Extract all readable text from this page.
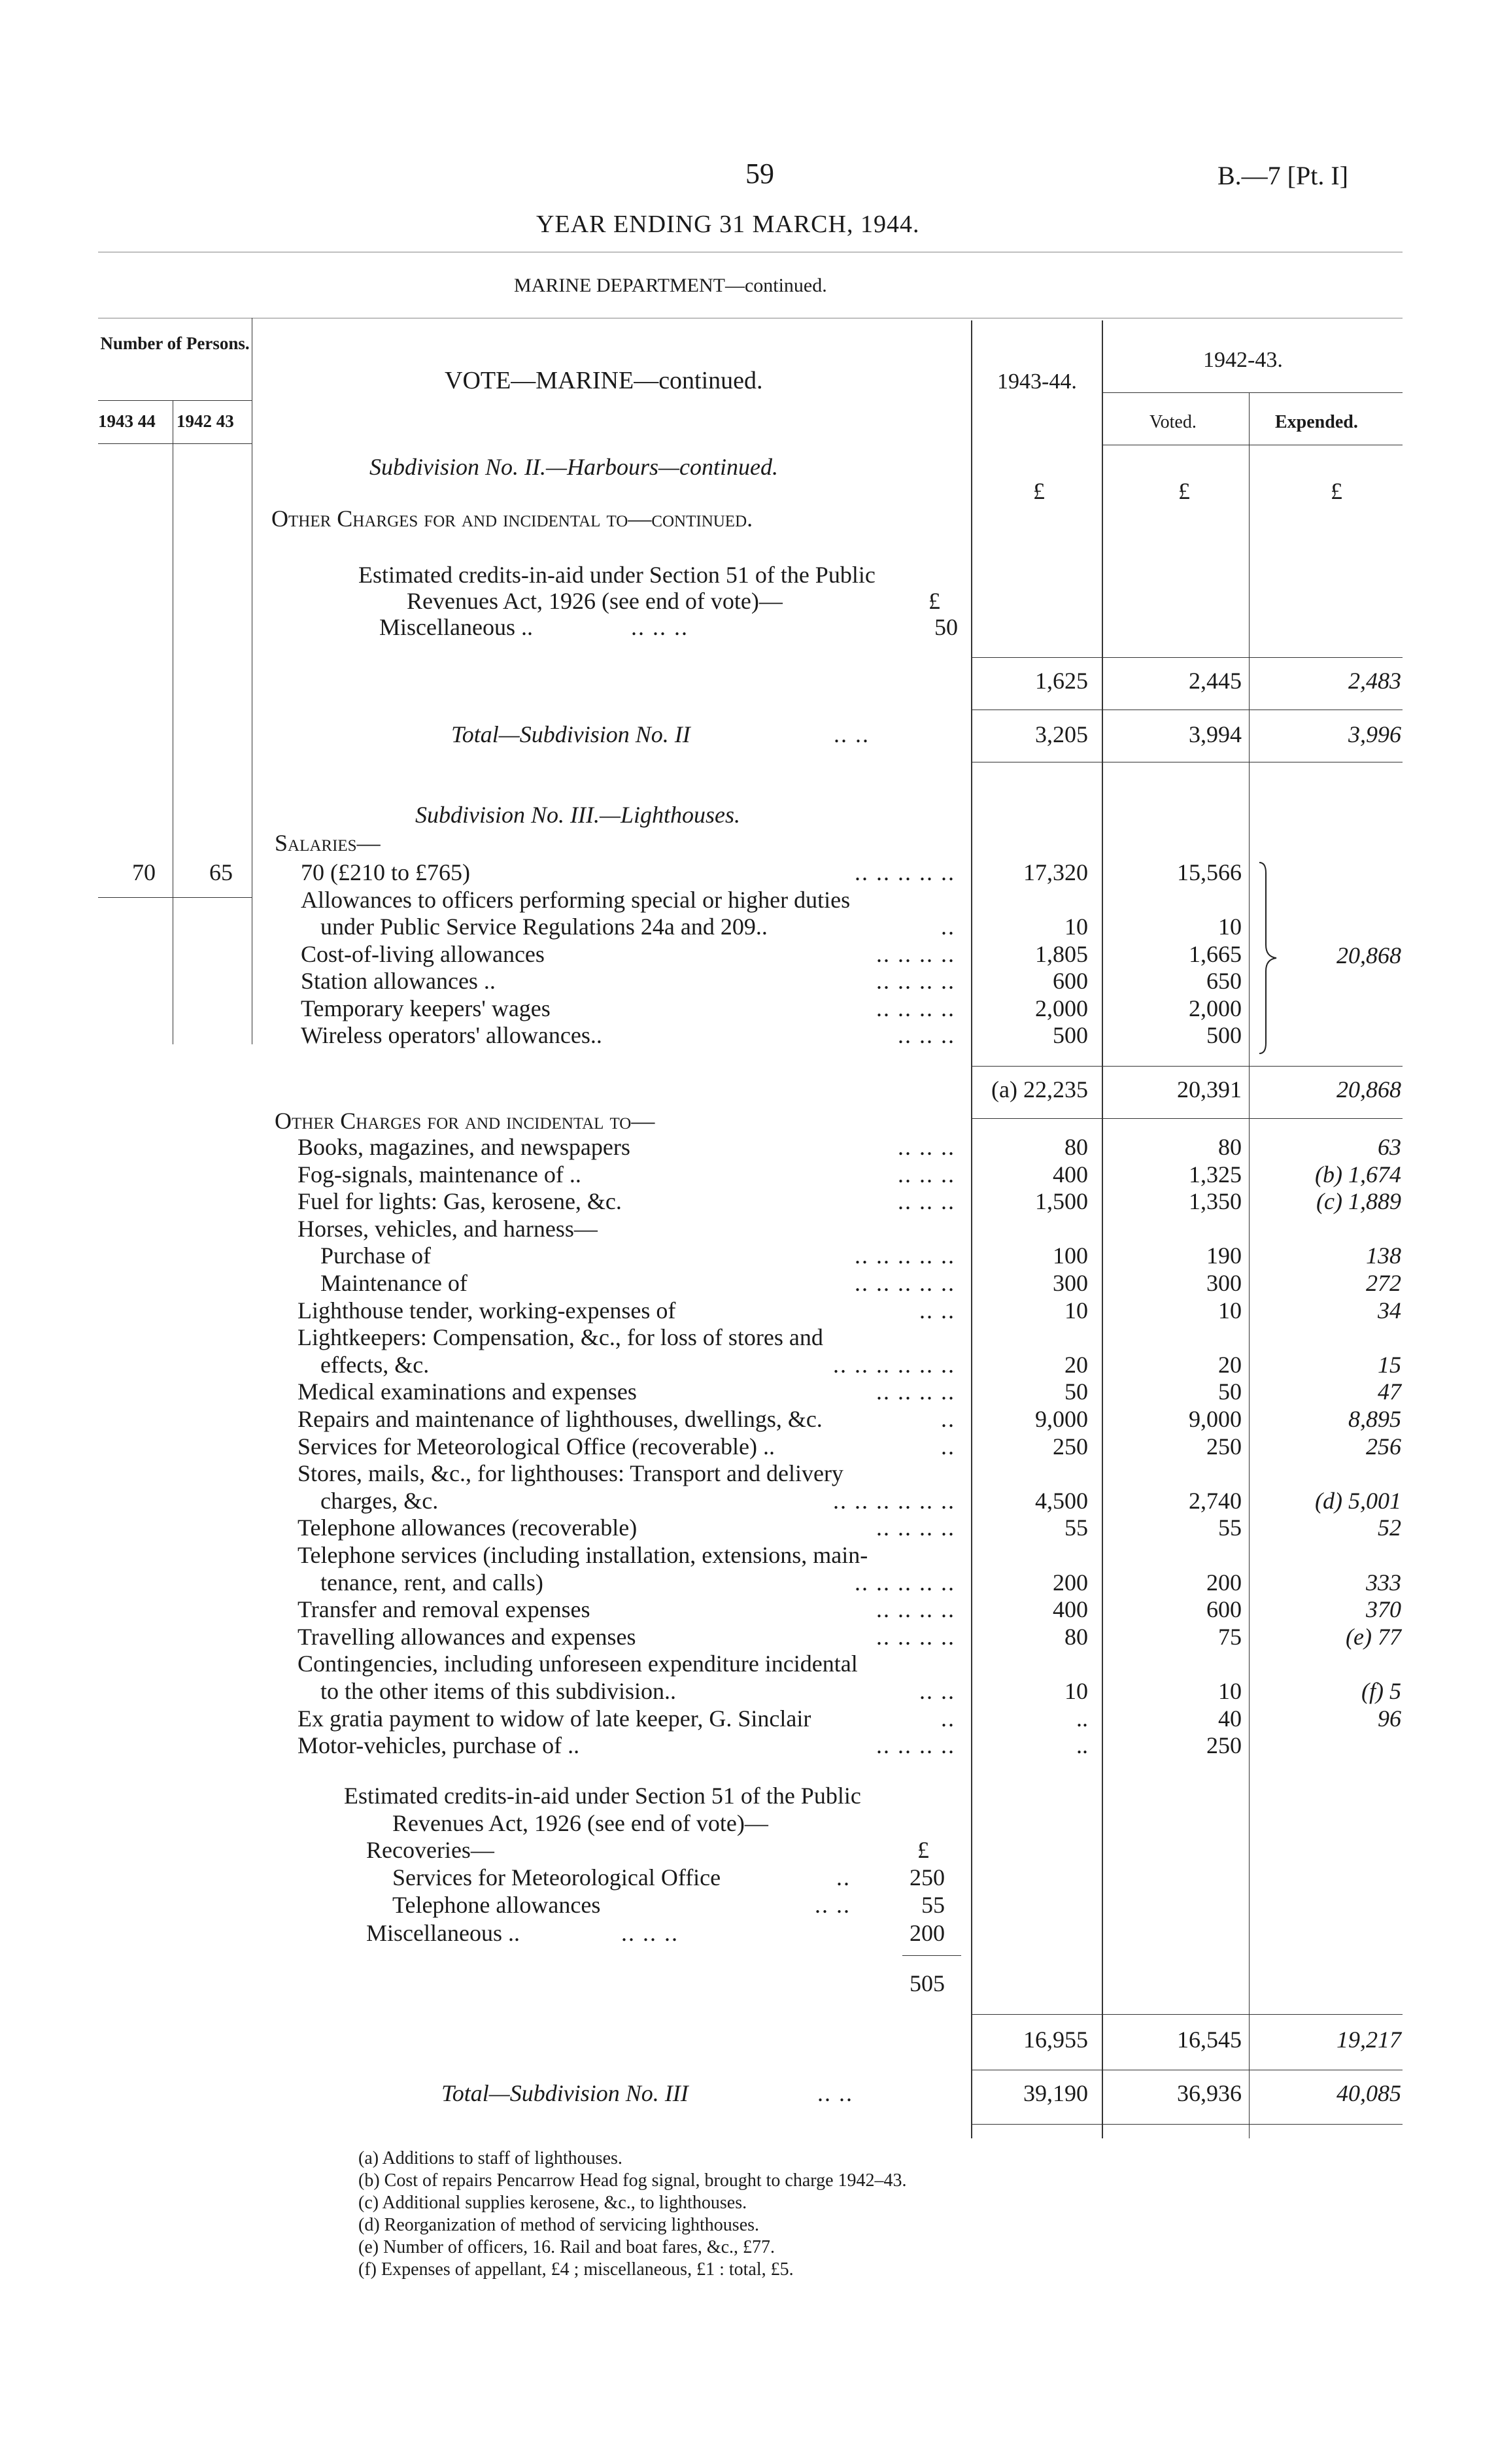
59	B.—7 [Pt. I]
YEAR ENDING 31 MARCH, 1944.
MARINE DEPARTMENT—continued.
Number of Persons.
1943 44 1942 43
VOTE—MARINE—continued.	1943-44.
1942-43.
Voted.	Expended.
Subdivision No. II.—Harbours—continued.
Other Charges for and incidental to—continued.
£	£	£
Estimated credits-in-aid under Section 51 of the Public
Revenues Act, 1926 (see end of vote)—	£
Miscellaneous ..	.. .. ..	50
1,625	2,445	2,483
Total—Subdivision No. II	.. ..	3,205	3,994	3,996
Subdivision No. III.—Lighthouses.
Salaries—
70 65	70 (£210 to £765)	.. .. .. .. ..	17,320	15,566
Allowances to officers performing special or higher duties
under Public Service Regulations 24a and 209..	..	10	10
Cost-of-living allowances	.. .. .. ..	1,805	1,665
Station allowances ..	.. .. .. ..	600	650
Temporary keepers' wages	.. .. .. ..	2,000	2,000
Wireless operators' allowances..	.. .. ..	500	500
20,868
(a) 22,235	20,391	20,868
Other Charges for and incidental to—
Books, magazines, and newspapers	.. .. ..	80	80	63
Fog-signals, maintenance of ..	.. .. ..	400	1,325	(b) 1,674
Fuel for lights: Gas, kerosene, &c.	.. .. ..	1,500	1,350	(c) 1,889
Horses, vehicles, and harness—
Purchase of	.. .. .. .. ..	100	190	138
Maintenance of	.. .. .. .. ..	300	300	272
Lighthouse tender, working-expenses of	.. ..	10	10	34
Lightkeepers: Compensation, &c., for loss of stores and
effects, &c.	.. .. .. .. .. ..	20	20	15
Medical examinations and expenses	.. .. .. ..	50	50	47
Repairs and maintenance of lighthouses, dwellings, &c.	..	9,000	9,000	8,895
Services for Meteorological Office (recoverable) ..	..	250	250	256
Stores, mails, &c., for lighthouses: Transport and delivery
charges, &c.	.. .. .. .. .. ..	4,500	2,740	(d) 5,001
Telephone allowances (recoverable)	.. .. .. ..	55	55	52
Telephone services (including installation, extensions, main-
tenance, rent, and calls)	.. .. .. .. ..	200	200	333
Transfer and removal expenses	.. .. .. ..	400	600	370
Travelling allowances and expenses	.. .. .. ..	80	75	(e) 77
Contingencies, including unforeseen expenditure incidental
to the other items of this subdivision..	.. ..	10	10	(f) 5
Ex gratia payment to widow of late keeper, G. Sinclair	..	..	40	96
Motor-vehicles, purchase of ..	.. .. .. ..	..	250
Estimated credits-in-aid under Section 51 of the Public
Revenues Act, 1926 (see end of vote)—
Recoveries—	£
Services for Meteorological Office	..	250
Telephone allowances	.. ..	55
Miscellaneous ..	.. .. ..	200
505
16,955	16,545	19,217
Total—Subdivision No. III	.. ..	39,190	36,936	40,085
(a) Additions to staff of lighthouses.
(b) Cost of repairs Pencarrow Head fog signal, brought to charge 1942–43.
(c) Additional supplies kerosene, &c., to lighthouses.
(d) Reorganization of method of servicing lighthouses.
(e) Number of officers, 16. Rail and boat fares, &c., £77.
(f) Expenses of appellant, £4 ; miscellaneous, £1 : total, £5.
